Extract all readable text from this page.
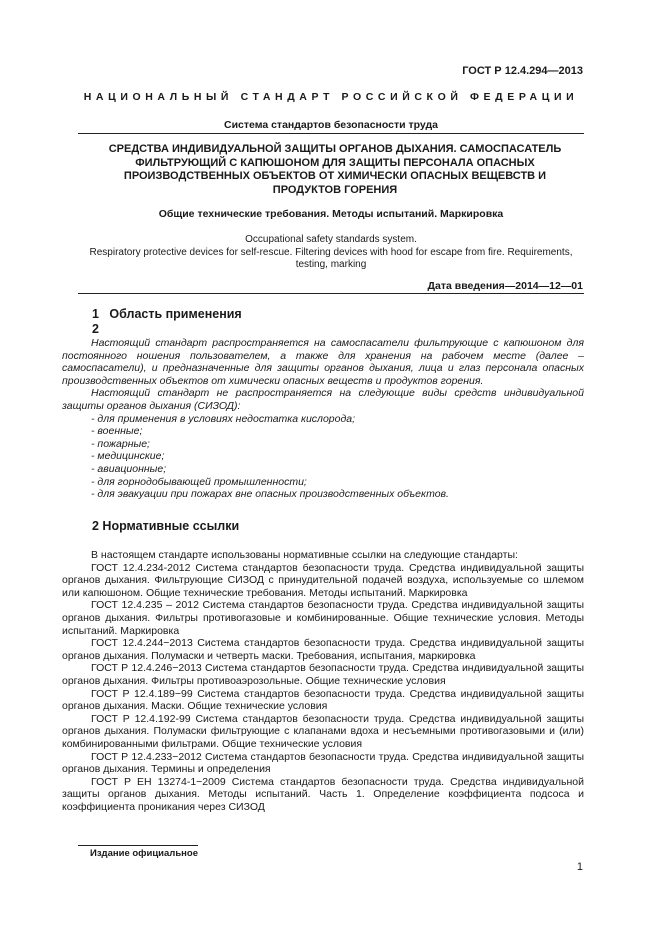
ГОСТ Р 12.4.294—2013
НАЦИОНАЛЬНЫЙ СТАНДАРТ РОССИЙСКОЙ ФЕДЕРАЦИИ
Система стандартов безопасности труда
СРЕДСТВА ИНДИВИДУАЛЬНОЙ ЗАЩИТЫ ОРГАНОВ ДЫХАНИЯ. САМОСПАСАТЕЛЬ ФИЛЬТРУЮЩИЙ С КАПЮШОНОМ ДЛЯ ЗАЩИТЫ ПЕРСОНАЛА ОПАСНЫХ ПРОИЗВОДСТВЕННЫХ ОБЪЕКТОВ ОТ ХИМИЧЕСКИ ОПАСНЫХ ВЕЩЕВСТВ И ПРОДУКТОВ ГОРЕНИЯ
Общие технические требования. Методы испытаний. Маркировка
Occupational safety standards system.
Respiratory protective devices for self-rescue. Filtering devices with hood for escape from fire. Requirements, testing, marking
Дата введения—2014—12—01
1   Область применения
2

Настоящий стандарт распространяется на самоспасатели фильтрующие с капюшоном для постоянного ношения пользователем, а также для хранения на рабочем месте (далее – самоспасатели), и предназначенные для защиты органов дыхания, лица и глаз персонала опасных производственных объектов от химически опасных веществ и продуктов горения.

Настоящий стандарт не распространяется на следующие виды средств индивидуальной защиты органов дыхания (СИЗОД):

- для применения в условиях недостатка кислорода;

- военные;

- пожарные;

- медицинские;

- авиационные;

- для горнодобывающей промышленности;

- для эвакуации при пожарах вне опасных производственных объектов.

2 Нормативные ссылки

В настоящем стандарте использованы нормативные ссылки на следующие стандарты:

ГОСТ 12.4.234-2012 Система стандартов безопасности труда. Средства индивидуальной защиты органов дыхания. Фильтрующие СИЗОД с принудительной подачей воздуха, используемые со шлемом или капюшоном. Общие технические требования. Методы испытаний. Маркировка

ГОСТ 12.4.235 – 2012 Система стандартов безопасности труда. Средства индивидуальной защиты органов дыхания. Фильтры противогазовые и комбинированные. Общие технические условия. Методы испытаний. Маркировка

ГОСТ 12.4.244−2013 Система стандартов безопасности труда. Средства индивидуальной защиты органов дыхания. Полумаски и четверть маски. Требования, испытания, маркировка

ГОСТ Р 12.4.246−2013 Система стандартов безопасности труда. Средства индивидуальной защиты органов дыхания. Фильтры противоаэрозольные. Общие технические условия

ГОСТ Р 12.4.189−99 Система стандартов безопасности труда. Средства индивидуальной защиты органов дыхания. Маски. Общие технические условия

ГОСТ Р 12.4.192-99 Система стандартов безопасности труда. Средства индивидуальной защиты органов дыхания. Полумаски фильтрующие с клапанами вдоха и несъемными противогазовыми и (или) комбинированными фильтрами. Общие технические условия

ГОСТ Р 12.4.233−2012 Система стандартов безопасности труда. Средства индивидуальной защиты органов дыхания. Термины и определения

ГОСТ Р ЕН 13274-1−2009 Система стандартов безопасности труда. Средства индивидуальной защиты органов дыхания. Методы испытаний. Часть 1. Определение коэффициента подсоса и коэффициента проникания через СИЗОД

Издание официальное
1
